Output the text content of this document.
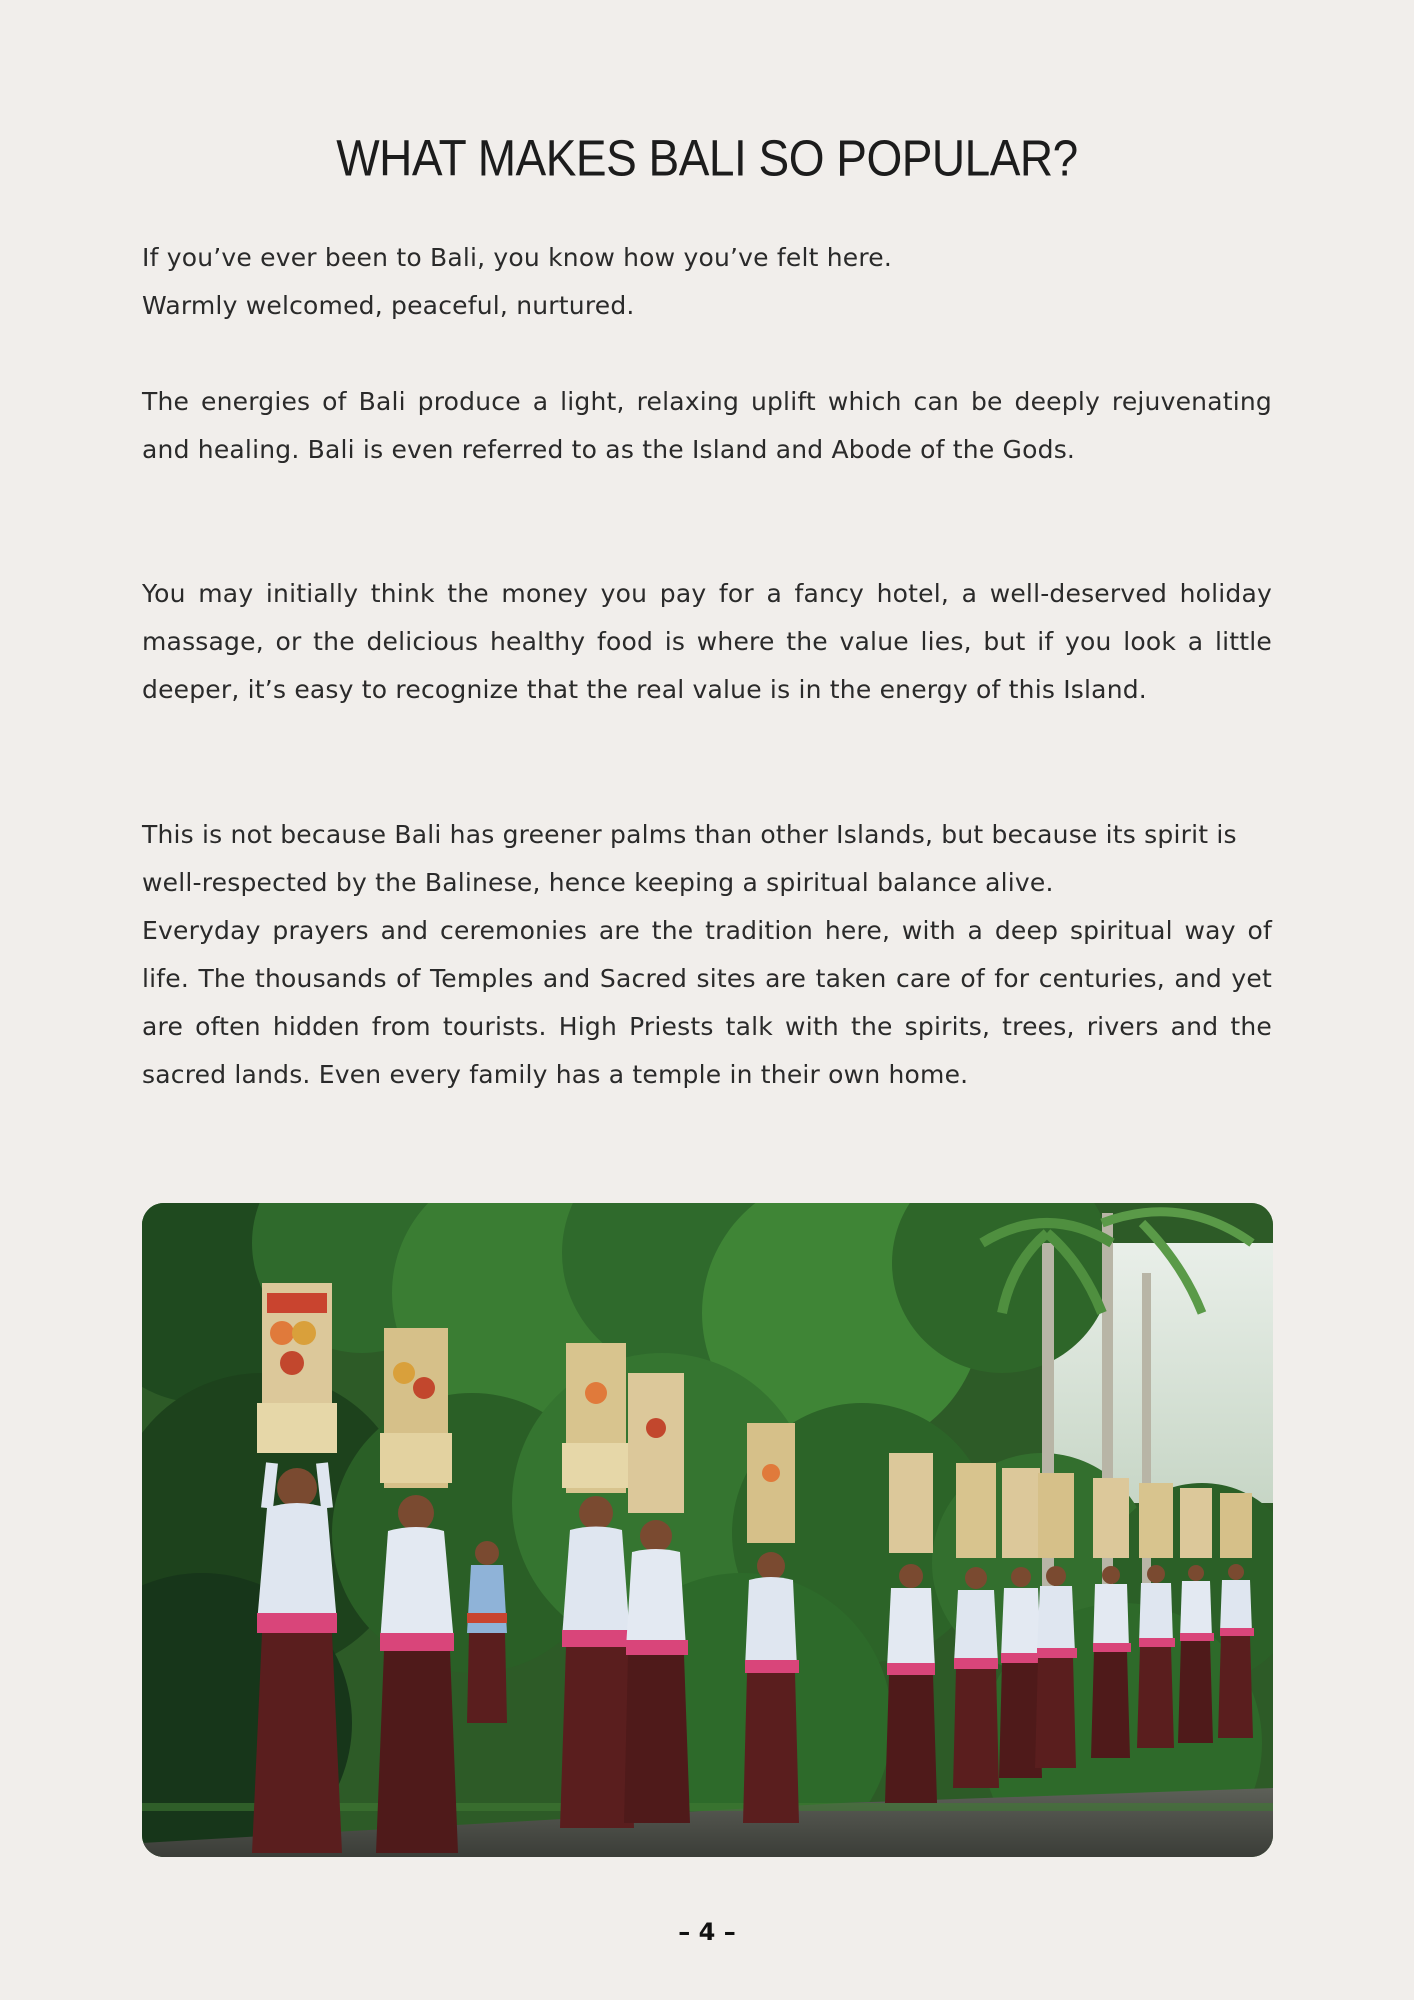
WHAT MAKES BALI SO POPULAR?
If you’ve ever been to Bali, you know how you’ve felt here.
Warmly welcomed, peaceful, nurtured.

The energies of Bali produce a light, relaxing uplift which can be deeply rejuvenating and healing. Bali is even referred to as the Island and Abode of the Gods.

You may initially think the money you pay for a fancy hotel, a well-deserved holiday massage, or the delicious healthy food is where the value lies, but if you look a little deeper, it’s easy to recognize that the real value is in the energy of this Island.

This is not because Bali has greener palms than other Islands, but because its spirit is well-respected by the Balinese, hence keeping a spiritual balance alive.
Everyday prayers and ceremonies are the tradition here, with a deep spiritual way of life. The thousands of Temples and Sacred sites are taken care of for centuries, and yet are often hidden from tourists. High Priests talk with the spirits, trees, rivers and the sacred lands. Even every family has a temple in their own home.
– 4 –
